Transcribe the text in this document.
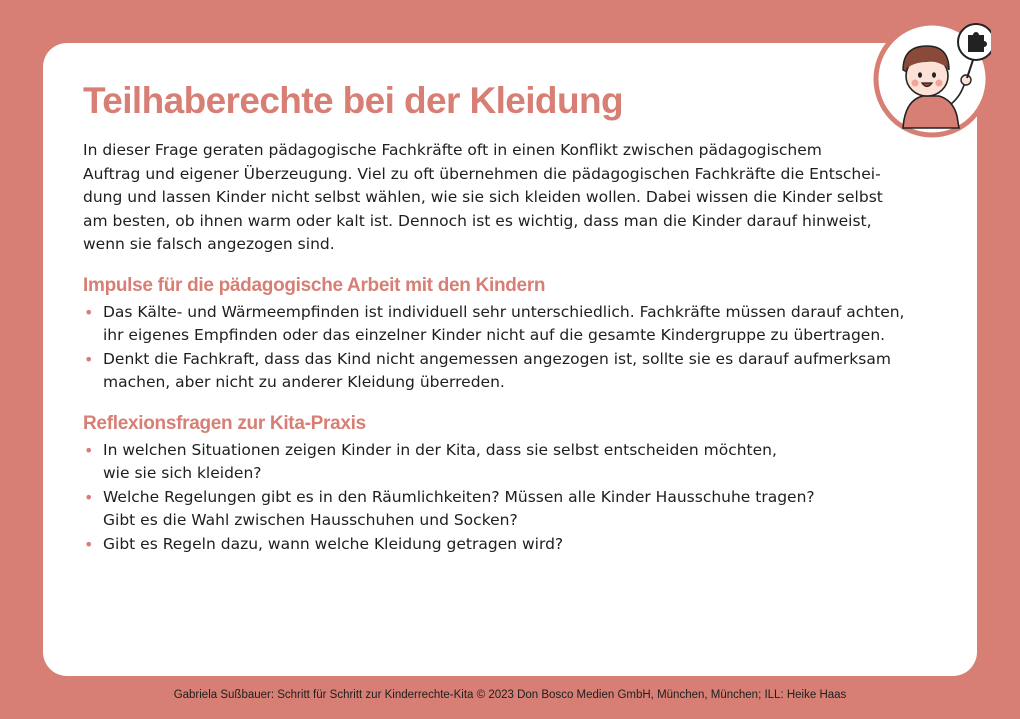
Teilhaberechte bei der Kleidung

In dieser Frage geraten pädagogische Fachkräfte oft in einen Konflikt zwischen pädagogischem
Auftrag und eigener Überzeugung. Viel zu oft übernehmen die pädagogischen Fachkräfte die Entschei-
dung und lassen Kinder nicht selbst wählen, wie sie sich kleiden wollen. Dabei wissen die Kinder selbst
am besten, ob ihnen warm oder kalt ist. Dennoch ist es wichtig, dass man die Kinder darauf hinweist,
wenn sie falsch angezogen sind.

Impulse für die pädagogische Arbeit mit den Kindern
• Das Kälte- und Wärmeempfinden ist individuell sehr unterschiedlich. Fachkräfte müssen darauf achten,
ihr eigenes Empfinden oder das einzelner Kinder nicht auf die gesamte Kindergruppe zu übertragen.
• Denkt die Fachkraft, dass das Kind nicht angemessen angezogen ist, sollte sie es darauf aufmerksam
machen, aber nicht zu anderer Kleidung überreden.
Reflexionsfragen zur Kita-Praxis
• In welchen Situationen zeigen Kinder in der Kita, dass sie selbst entscheiden möchten,
wie sie sich kleiden?
• Welche Regelungen gibt es in den Räumlichkeiten? Müssen alle Kinder Hausschuhe tragen?
Gibt es die Wahl zwischen Hausschuhen und Socken?
• Gibt es Regeln dazu, wann welche Kleidung getragen wird?
Gabriela Sußbauer: Schritt für Schritt zur Kinderrechte-Kita © 2023 Don Bosco Medien GmbH, München, München; ILL: Heike Haas
